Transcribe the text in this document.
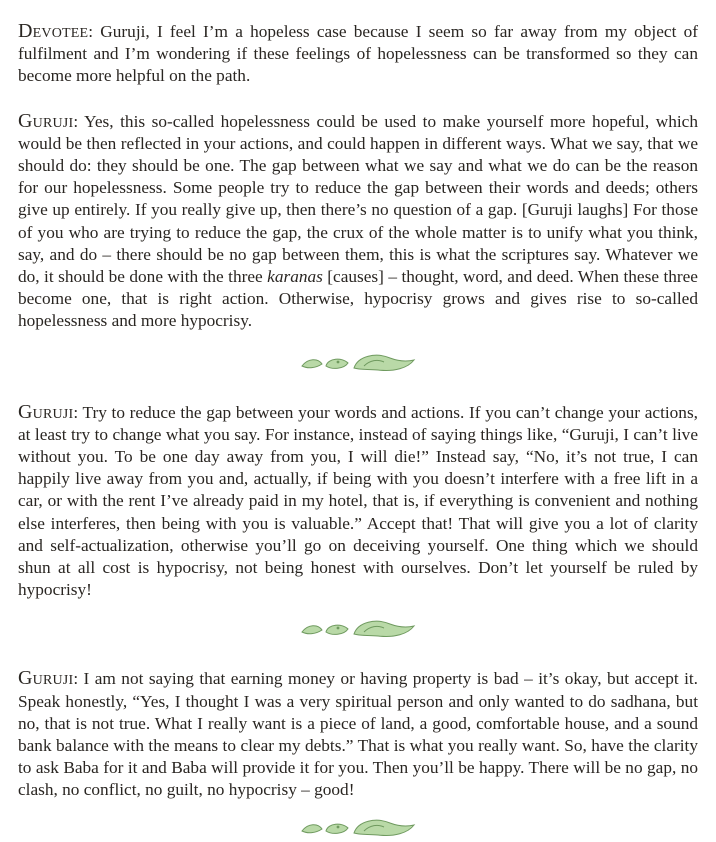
Devotee: Guruji, I feel I’m a hopeless case because I seem so far away from my object of fulfilment and I’m wondering if these feelings of hopelessness can be transformed so they can become more helpful on the path.

Guruji: Yes, this so-called hopelessness could be used to make yourself more hopeful, which would be then reflected in your actions, and could happen in different ways. What we say, that we should do: they should be one. The gap between what we say and what we do can be the reason for our hopelessness. Some people try to reduce the gap between their words and deeds; others give up entirely. If you really give up, then there’s no question of a gap. [Guruji laughs] For those of you who are trying to reduce the gap, the crux of the whole matter is to unify what you think, say, and do – there should be no gap between them, this is what the scriptures say. Whatever we do, it should be done with the three karanas [causes] – thought, word, and deed. When these three become one, that is right action. Otherwise, hypocrisy grows and gives rise to so-called hopelessness and more hypocrisy.

Guruji: Try to reduce the gap between your words and actions. If you can’t change your actions, at least try to change what you say. For instance, instead of saying things like, “Guruji, I can’t live without you. To be one day away from you, I will die!” Instead say, “No, it’s not true, I can happily live away from you and, actually, if being with you doesn’t interfere with a free lift in a car, or with the rent I’ve already paid in my hotel, that is, if everything is convenient and nothing else interferes, then being with you is valuable.” Accept that! That will give you a lot of clarity and self-actualization, otherwise you’ll go on deceiving yourself. One thing which we should shun at all cost is hypocrisy, not being honest with ourselves. Don’t let yourself be ruled by hypocrisy!

Guruji: I am not saying that earning money or having property is bad – it’s okay, but accept it. Speak honestly, “Yes, I thought I was a very spiritual person and only wanted to do sadhana, but no, that is not true. What I really want is a piece of land, a good, comfortable house, and a sound bank balance with the means to clear my debts.” That is what you really want. So, have the clarity to ask Baba for it and Baba will provide it for you. Then you’ll be happy. There will be no gap, no clash, no conflict, no guilt, no hypocrisy – good!
